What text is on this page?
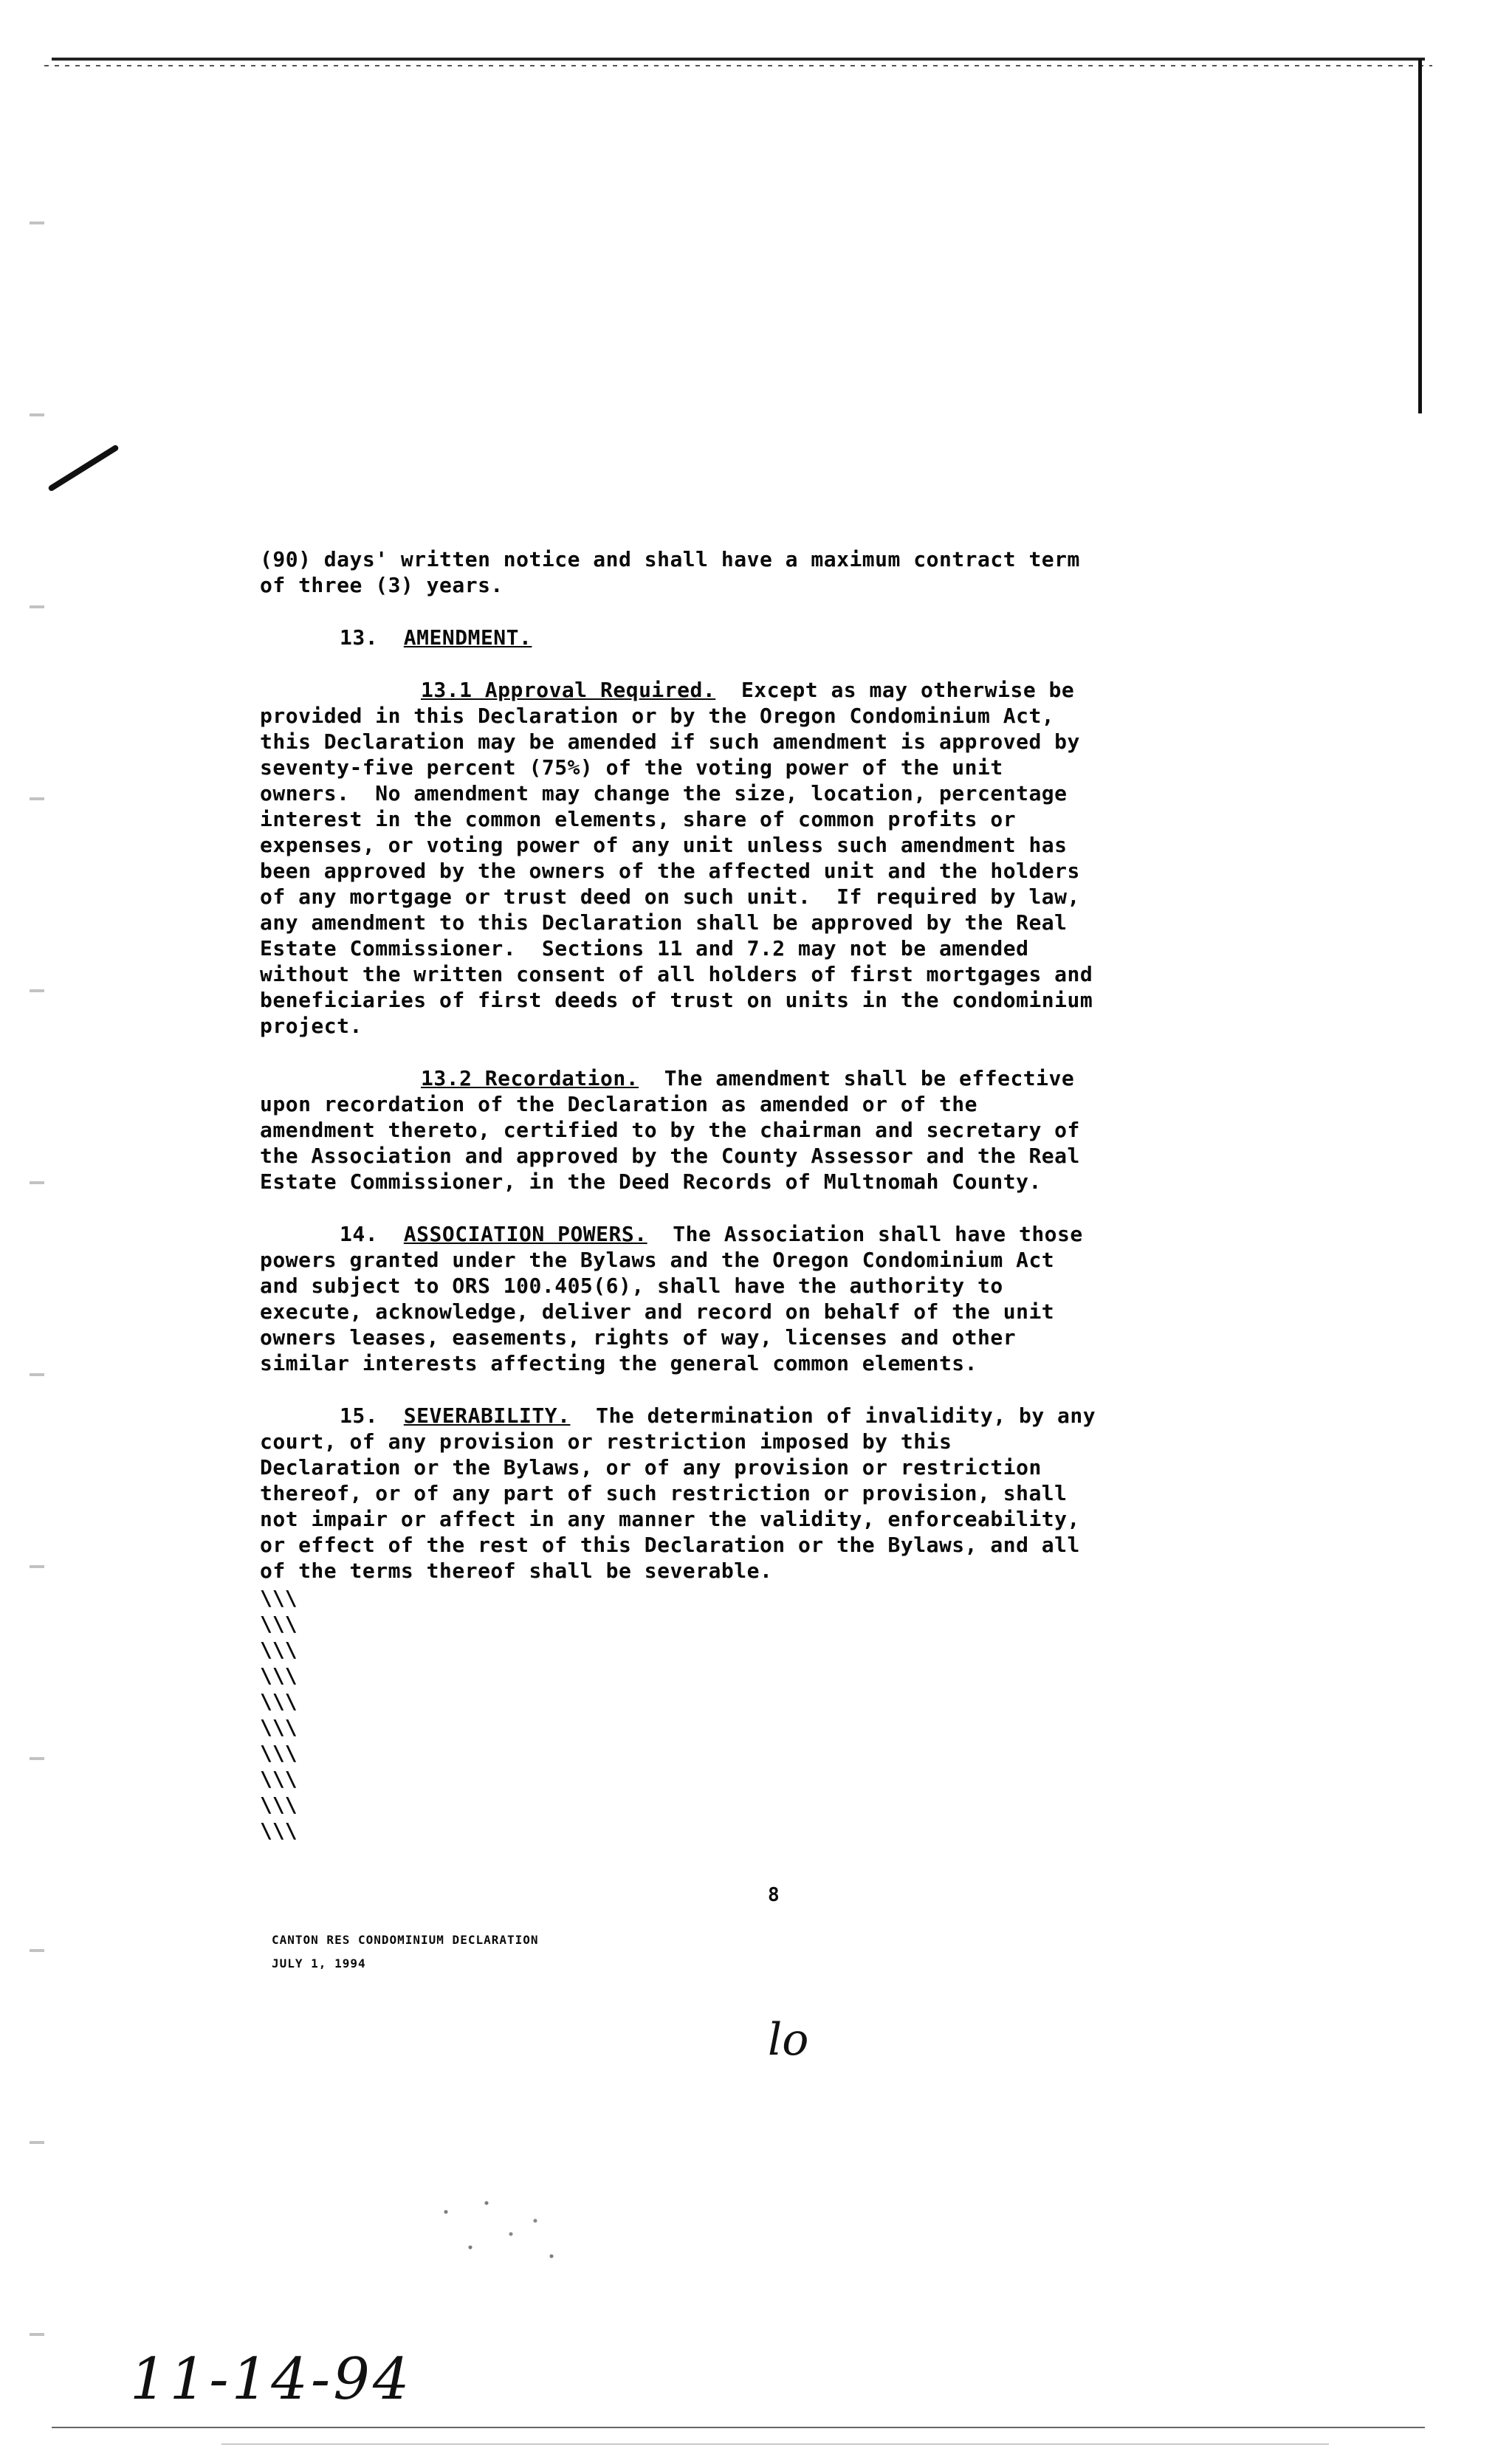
(90) days' written notice and shall have a maximum contract term
of three (3) years.
13. AMENDMENT.
13.1 Approval Required.  Except as may otherwise be
provided in this Declaration or by the Oregon Condominium Act,
this Declaration may be amended if such amendment is approved by
seventy-five percent (75%) of the voting power of the unit
owners.  No amendment may change the size, location, percentage
interest in the common elements, share of common profits or
expenses, or voting power of any unit unless such amendment has
been approved by the owners of the affected unit and the holders
of any mortgage or trust deed on such unit.  If required by law,
any amendment to this Declaration shall be approved by the Real
Estate Commissioner.  Sections 11 and 7.2 may not be amended
without the written consent of all holders of first mortgages and
beneficiaries of first deeds of trust on units in the condominium
project.
13.2 Recordation.  The amendment shall be effective
upon recordation of the Declaration as amended or of the
amendment thereto, certified to by the chairman and secretary of
the Association and approved by the County Assessor and the Real
Estate Commissioner, in the Deed Records of Multnomah County.
14. ASSOCIATION POWERS.  The Association shall have those
powers granted under the Bylaws and the Oregon Condominium Act
and subject to ORS 100.405(6), shall have the authority to
execute, acknowledge, deliver and record on behalf of the unit
owners leases, easements, rights of way, licenses and other
similar interests affecting the general common elements.
15. SEVERABILITY.  The determination of invalidity, by any
court, of any provision or restriction imposed by this
Declaration or the Bylaws, or of any provision or restriction
thereof, or of any part of such restriction or provision, shall
not impair or affect in any manner the validity, enforceability,
or effect of the rest of this Declaration or the Bylaws, and all
of the terms thereof shall be severable.
\\\
\\\
\\\
\\\
\\\
\\\
\\\
\\\
\\\
\\\
CANTON RES CONDOMINIUM DECLARATION
JULY 1, 1994
8
lo
11-14-94
